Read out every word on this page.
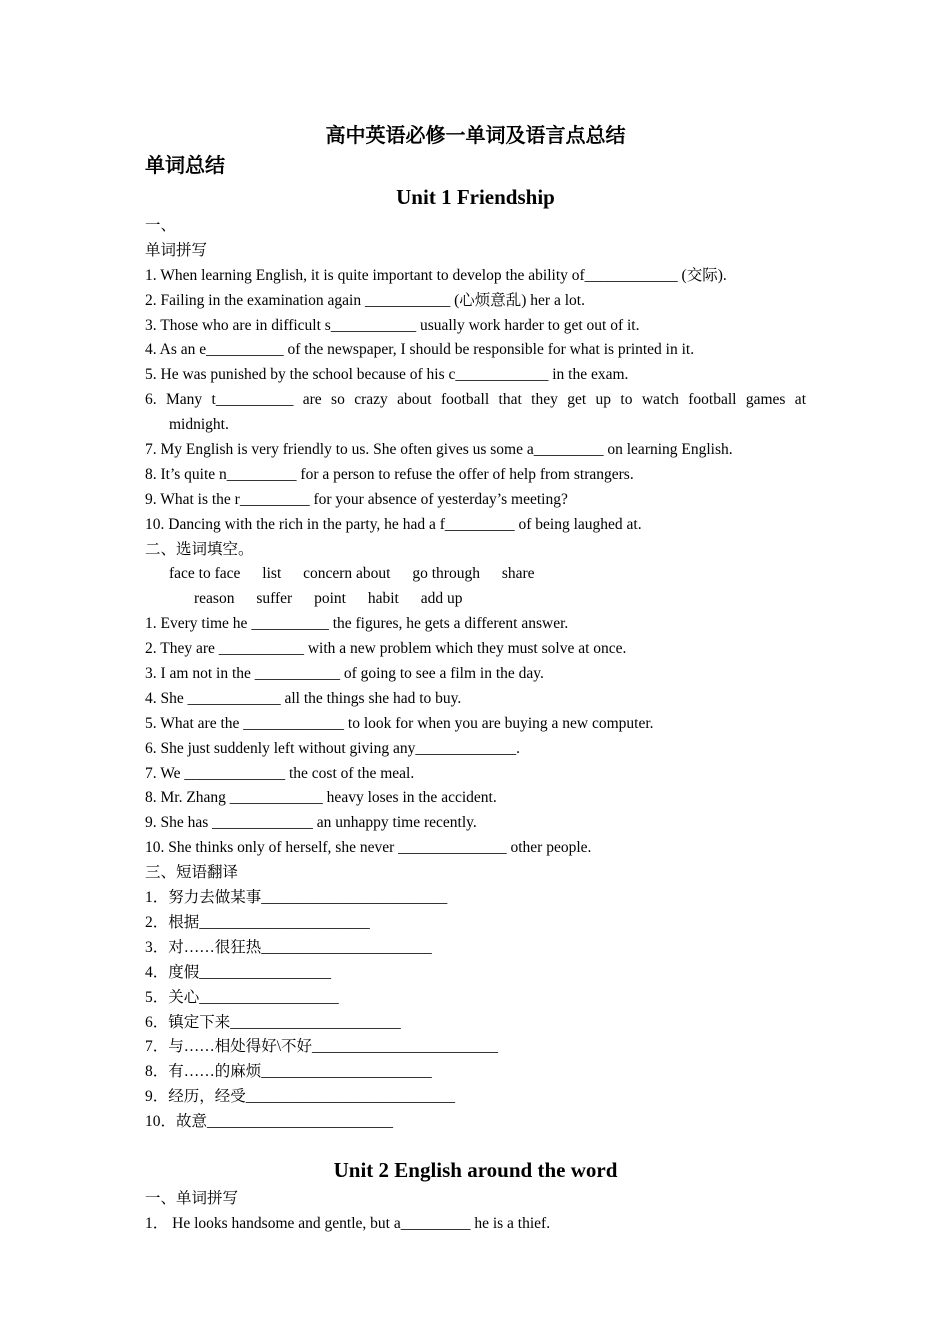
高中英语必修一单词及语言点总结
单词总结
Unit 1 Friendship
一、
单词拼写
1. When learning English, it is quite important to develop the ability of____________ (交际).
2. Failing in the examination again ___________ (心烦意乱) her a lot.
3. Those who are in difficult s___________ usually work harder to get out of it.
4. As an e__________ of the newspaper, I should be responsible for what is printed in it.
5. He was punished by the school because of his c____________ in the exam.
6. Many t__________ are so crazy about football that they get up to watch football games at
midnight.
7. My English is very friendly to us. She often gives us some a_________ on learning English.
8. It’s quite n_________ for a person to refuse the offer of help from strangers.
9. What is the r_________ for your absence of yesterday’s meeting?
10. Dancing with the rich in the party, he had a f_________ of being laughed at.
二、选词填空。
face to face list concern about go through share
reason suffer point habit add up
1. Every time he __________ the figures, he gets a different answer.
2. They are ___________ with a new problem which they must solve at once.
3. I am not in the ___________ of going to see a film in the day.
4. She ____________ all the things she had to buy.
5. What are the _____________ to look for when you are buying a new computer.
6. She just suddenly left without giving any_____________.
7. We _____________ the cost of the meal.
8. Mr. Zhang ____________ heavy loses in the accident.
9. She has _____________ an unhappy time recently.
10. She thinks only of herself, she never ______________ other people.
三、短语翻译
1．努力去做某事________________________
2．根据______________________
3．对……很狂热______________________
4．度假_________________
5．关心__________________
6．镇定下来______________________
7．与……相处得好\不好________________________
8．有……的麻烦______________________
9．经历，经受___________________________
10．故意________________________
Unit 2 English around the word
一、单词拼写
1． He looks handsome and gentle, but a_________ he is a thief.
